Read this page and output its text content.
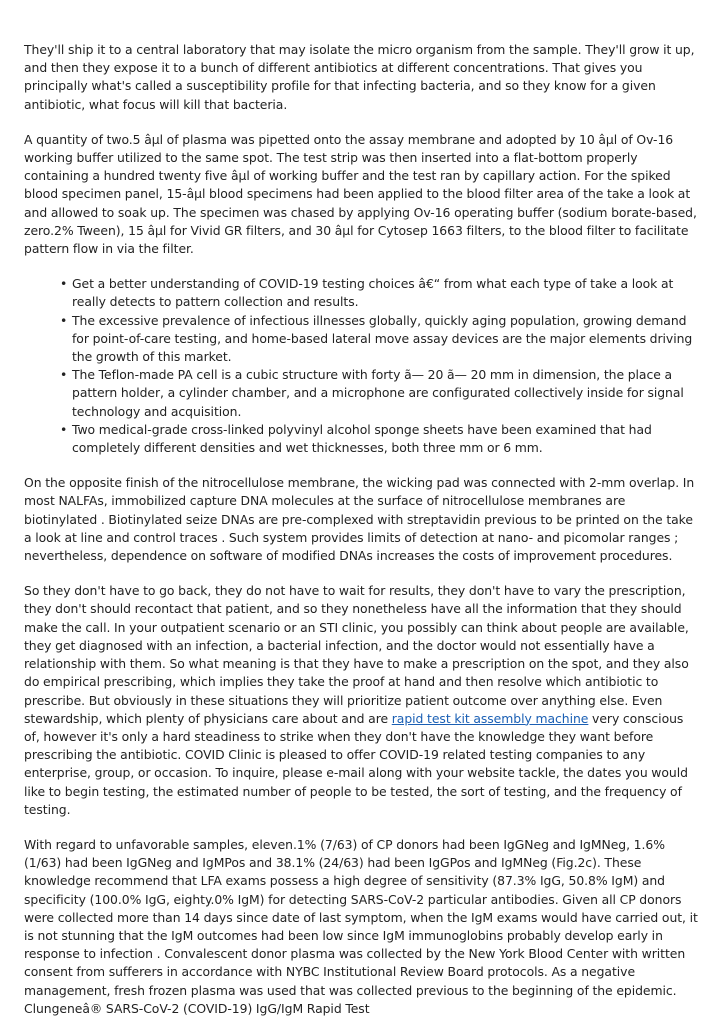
They'll ship it to a central laboratory that may isolate the micro organism from the sample. They'll grow it up, and then they expose it to a bunch of different antibiotics at different concentrations. That gives you principally what's called a susceptibility profile for that infecting bacteria, and so they know for a given antibiotic, what focus will kill that bacteria.

A quantity of two.5 âµl of plasma was pipetted onto the assay membrane and adopted by 10 âµl of Ov-16 working buffer utilized to the same spot. The test strip was then inserted into a flat-bottom properly containing a hundred twenty five âµl of working buffer and the test ran by capillary action. For the spiked blood specimen panel, 15-âµl blood specimens had been applied to the blood filter area of the take a look at and allowed to soak up. The specimen was chased by applying Ov-16 operating buffer (sodium borate-based, zero.2% Tween), 15 âµl for Vivid GR filters, and 30 âµl for Cytosep 1663 filters, to the blood filter to facilitate pattern flow in via the filter.

• Get a better understanding of COVID-19 testing choices â€“ from what each type of take a look at really detects to pattern collection and results.
• The excessive prevalence of infectious illnesses globally, quickly aging population, growing demand for point-of-care testing, and home-based lateral move assay devices are the major elements driving the growth of this market.
• The Teflon-made PA cell is a cubic structure with forty ã— 20 ã— 20 mm in dimension, the place a pattern holder, a cylinder chamber, and a microphone are configurated collectively inside for signal technology and acquisition.
• Two medical-grade cross-linked polyvinyl alcohol sponge sheets have been examined that had completely different densities and wet thicknesses, both three mm or 6 mm.

On the opposite finish of the nitrocellulose membrane, the wicking pad was connected with 2-mm overlap. In most NALFAs, immobilized capture DNA molecules at the surface of nitrocellulose membranes are biotinylated . Biotinylated seize DNAs are pre-complexed with streptavidin previous to be printed on the take a look at line and control traces . Such system provides limits of detection at nano- and picomolar ranges ; nevertheless, dependence on software of modified DNAs increases the costs of improvement procedures.

So they don't have to go back, they do not have to wait for results, they don't have to vary the prescription, they don't should recontact that patient, and so they nonetheless have all the information that they should make the call. In your outpatient scenario or an STI clinic, you possibly can think about people are available, they get diagnosed with an infection, a bacterial infection, and the doctor would not essentially have a relationship with them. So what meaning is that they have to make a prescription on the spot, and they also do empirical prescribing, which implies they take the proof at hand and then resolve which antibiotic to prescribe. But obviously in these situations they will prioritize patient outcome over anything else. Even stewardship, which plenty of physicians care about and are rapid test kit assembly machine very conscious of, however it's only a hard steadiness to strike when they don't have the knowledge they want before prescribing the antibiotic. COVID Clinic is pleased to offer COVID-19 related testing companies to any enterprise, group, or occasion. To inquire, please e-mail along with your website tackle, the dates you would like to begin testing, the estimated number of people to be tested, the sort of testing, and the frequency of testing.

With regard to unfavorable samples, eleven.1% (7/63) of CP donors had been IgGNeg and IgMNeg, 1.6% (1/63) had been IgGNeg and IgMPos and 38.1% (24/63) had been IgGPos and IgMNeg (Fig.2c). These knowledge recommend that LFA exams possess a high degree of sensitivity (87.3% IgG, 50.8% IgM) and specificity (100.0% IgG, eighty.0% IgM) for detecting SARS-CoV-2 particular antibodies. Given all CP donors were collected more than 14 days since date of last symptom, when the IgM exams would have carried out, it is not stunning that the IgM outcomes had been low since IgM immunoglobins probably develop early in response to infection . Convalescent donor plasma was collected by the New York Blood Center with written consent from sufferers in accordance with NYBC Institutional Review Board protocols. As a negative management, fresh frozen plasma was used that was collected previous to the beginning of the epidemic. Clungeneâ® SARS-CoV-2 (COVID-19) IgG/IgM Rapid Test
